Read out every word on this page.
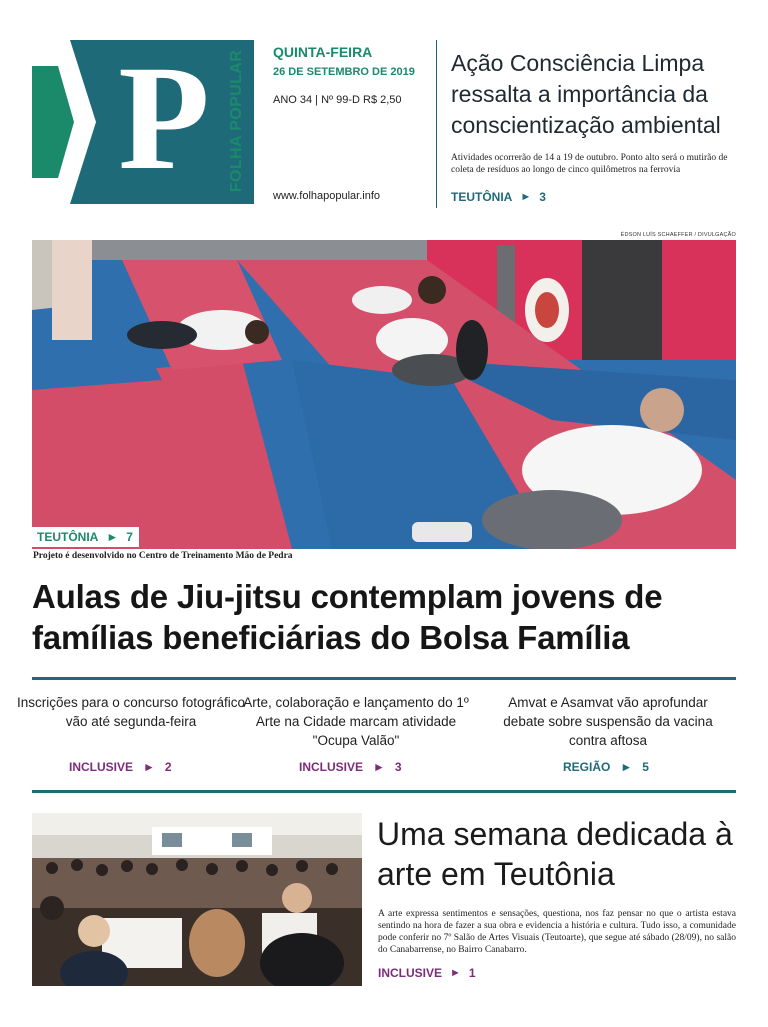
P FOLHA POPULAR QUINTA-FEIRA
26 DE SETEMBRO DE 2019
ANO 34 | Nº 99-D R$ 2,50
www.folhapopular.info
Ação Consciência Limpa ressalta a importância da conscientização ambiental
Atividades ocorrerão de 14 a 19 de outubro. Ponto alto será o mutirão de coleta de resíduos ao longo de cinco quilômetros na ferrovia
TEUTÔNIA ► 3
ÉDSON LUÍS SCHAEFFER / DIVULGAÇÃO
TEUTÔNIA ► 7
Projeto é desenvolvido no Centro de Treinamento Mão de Pedra
Aulas de Jiu-jitsu contemplam jovens de famílias beneficiárias do Bolsa Família
Inscrições para o concurso fotográfico vão até segunda-feira
INCLUSIVE ► 2
Arte, colaboração e lançamento do 1º Arte na Cidade marcam atividade "Ocupa Valão"
INCLUSIVE ► 3
Amvat e Asamvat vão aprofundar debate sobre suspensão da vacina contra aftosa
REGIÃO ► 5
Uma semana dedicada à arte em Teutônia
A arte expressa sentimentos e sensações, questiona, nos faz pensar no que o artista estava sentindo na hora de fazer a sua obra e evidencia a história e cultura. Tudo isso, a comunidade pode conferir no 7º Salão de Artes Visuais (Teutoarte), que segue até sábado (28/09), no salão do Canabarrense, no Bairro Canabarro.
INCLUSIVE ► 1
